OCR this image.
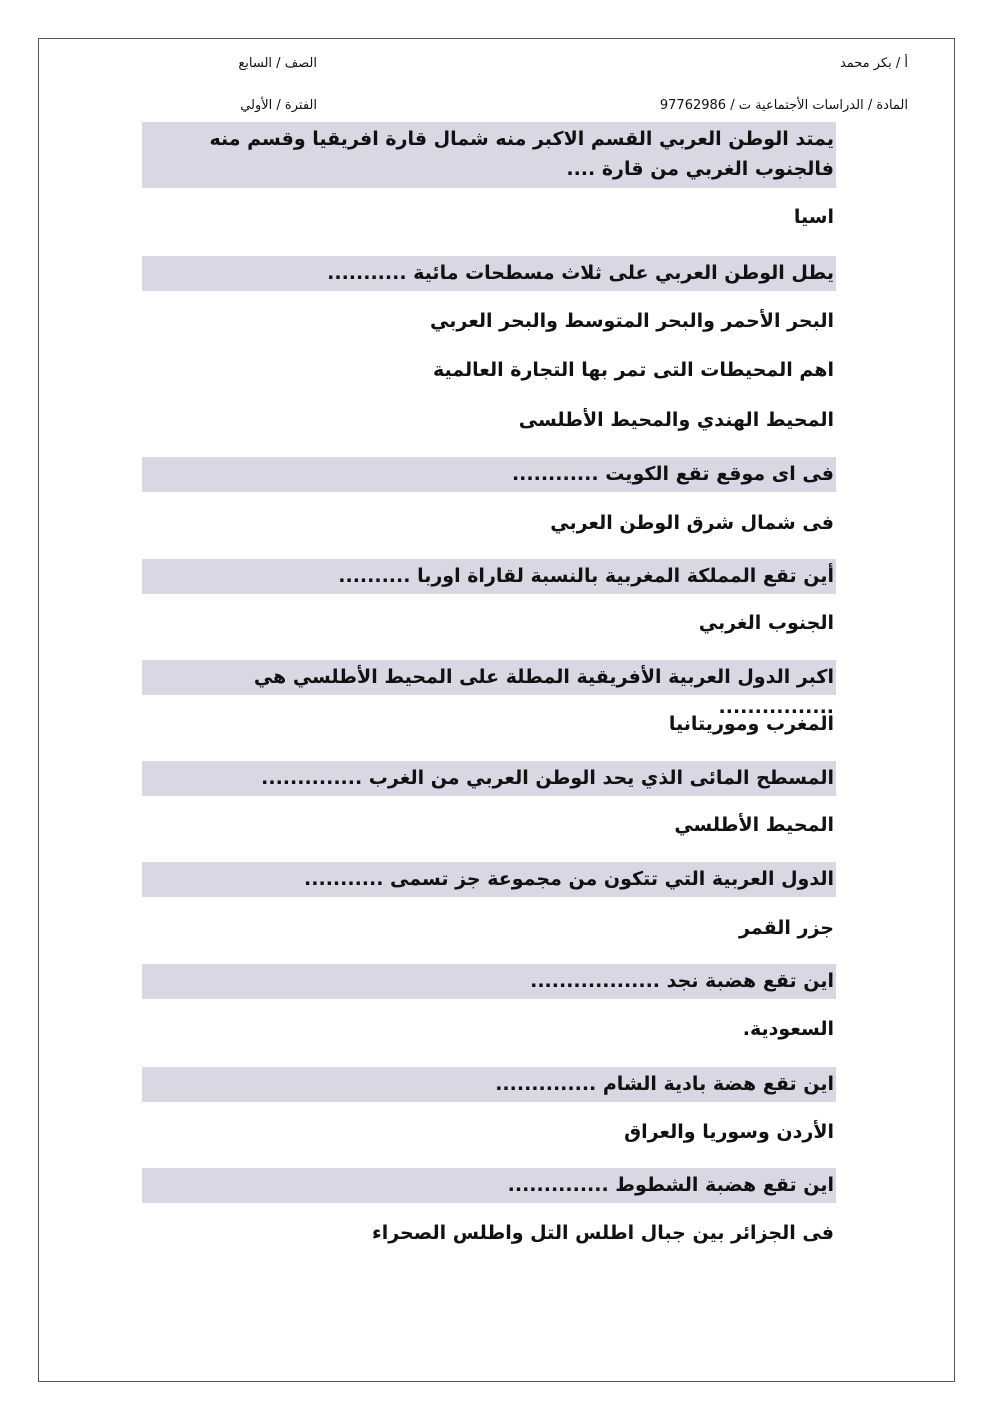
أ / بكر محمد
المادة / الدراسات الأجتماعية ت / 97762986
الصف / السابع
الفترة / الأولي
يمتد الوطن العربي القسم الاكبر منه شمال قارة افريقيا وقسم منه فالجنوب الغربي من قارة ....
اسيا
يطل الوطن العربي على ثلاث مسطحات مائية ...........
البحر الأحمر والبحر المتوسط والبحر العربي
اهم المحيطات التى تمر بها التجارة العالمية
المحيط الهندي والمحيط الأطلسى
فى اى موقع تقع الكويت ............
فى شمال شرق الوطن العربي
أين تقع المملكة المغربية بالنسبة لقاراة اوربا ..........
الجنوب الغربي
اكبر الدول العربية الأفريقية المطلة على المحيط الأطلسي هي ................
المغرب وموريتانيا
المسطح المائى الذي يحد الوطن العربي من الغرب ..............
المحيط الأطلسي
الدول العربية التي تتكون من مجموعة جز تسمى ...........
جزر القمر
اين تقع هضبة نجد ..................
السعودية.
اين تقع هضة بادية الشام ..............
الأردن وسوريا والعراق
اين تقع هضبة الشطوط ..............
فى الجزائر بين جبال اطلس التل واطلس الصحراء
